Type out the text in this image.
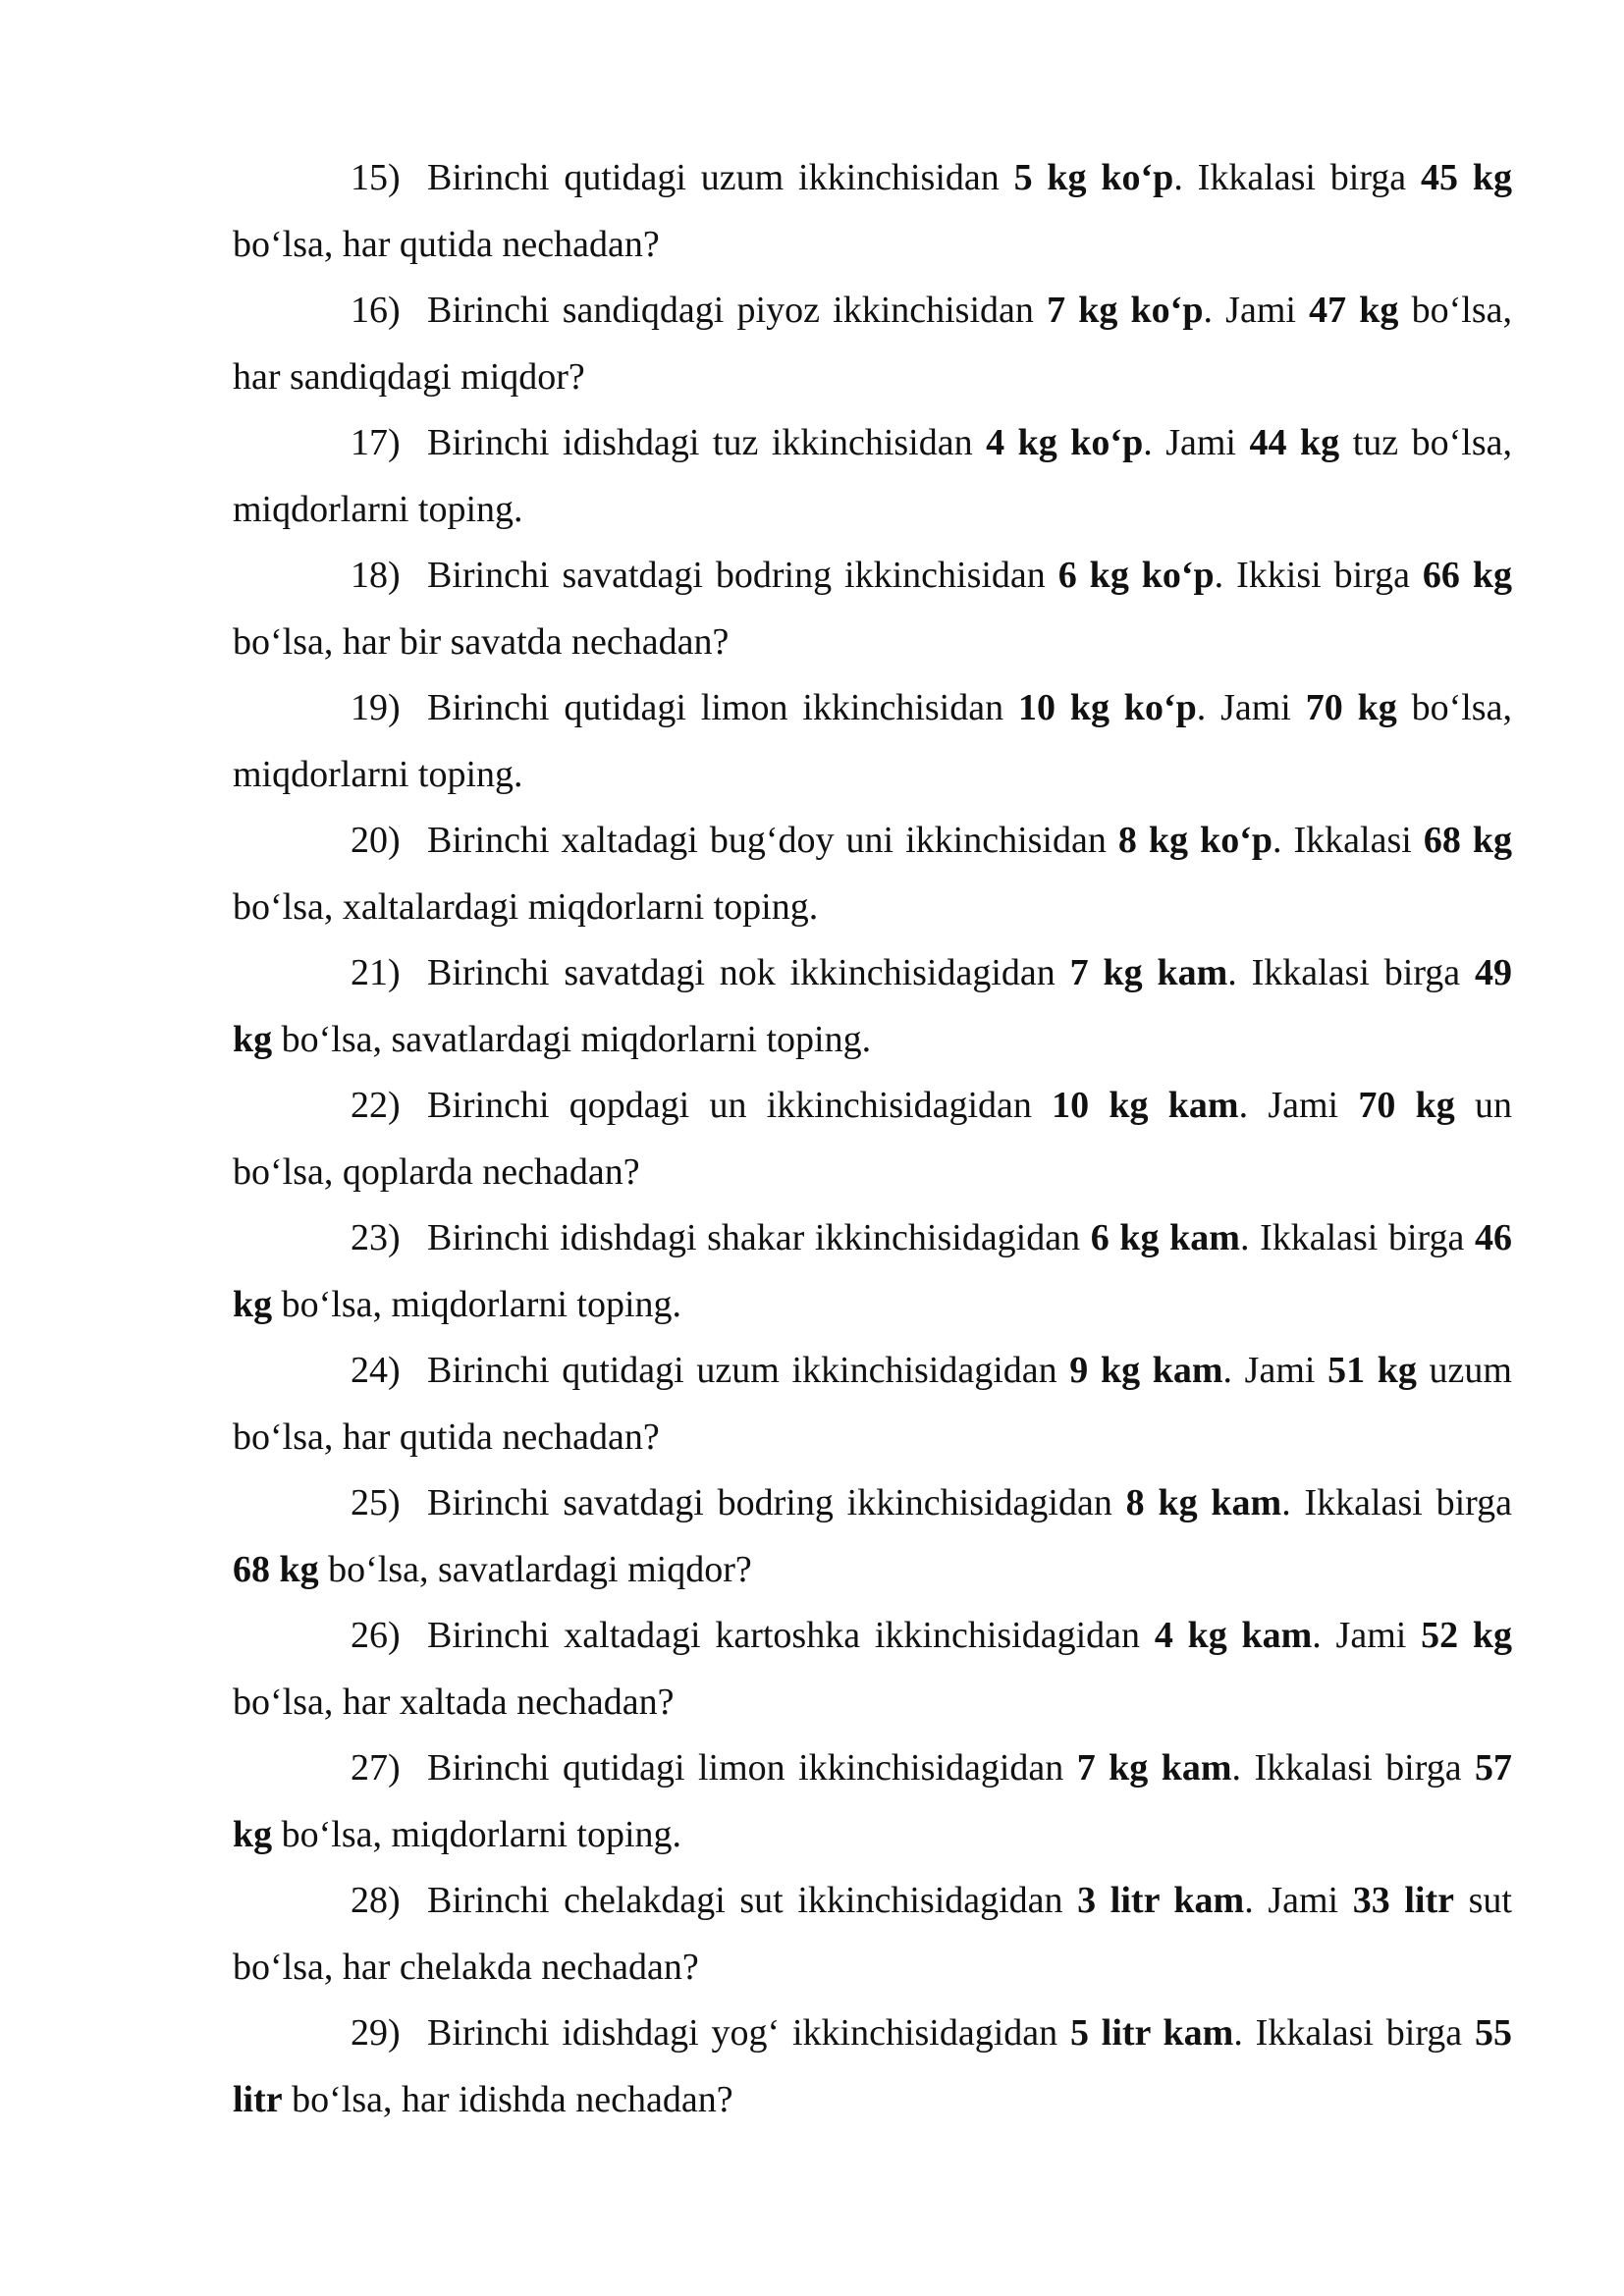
15) Birinchi qutidagi uzum ikkinchisidan 5 kg ko‘p. Ikkalasi birga 45 kg bo‘lsa, har qutida nechadan?

16) Birinchi sandiqdagi piyoz ikkinchisidan 7 kg ko‘p. Jami 47 kg bo‘lsa, har sandiqdagi miqdor?

17) Birinchi idishdagi tuz ikkinchisidan 4 kg ko‘p. Jami 44 kg tuz bo‘lsa, miqdorlarni toping.

18) Birinchi savatdagi bodring ikkinchisidan 6 kg ko‘p. Ikkisi birga 66 kg bo‘lsa, har bir savatda nechadan?

19) Birinchi qutidagi limon ikkinchisidan 10 kg ko‘p. Jami 70 kg bo‘lsa, miqdorlarni toping.

20) Birinchi xaltadagi bug‘doy uni ikkinchisidan 8 kg ko‘p. Ikkalasi 68 kg bo‘lsa, xaltalardagi miqdorlarni toping.

21) Birinchi savatdagi nok ikkinchisidagidan 7 kg kam. Ikkalasi birga 49 kg bo‘lsa, savatlardagi miqdorlarni toping.

22) Birinchi qopdagi un ikkinchisidagidan 10 kg kam. Jami 70 kg un bo‘lsa, qoplarda nechadan?

23) Birinchi idishdagi shakar ikkinchisidagidan 6 kg kam. Ikkalasi birga 46 kg bo‘lsa, miqdorlarni toping.

24) Birinchi qutidagi uzum ikkinchisidagidan 9 kg kam. Jami 51 kg uzum bo‘lsa, har qutida nechadan?

25) Birinchi savatdagi bodring ikkinchisidagidan 8 kg kam. Ikkalasi birga 68 kg bo‘lsa, savatlardagi miqdor?

26) Birinchi xaltadagi kartoshka ikkinchisidagidan 4 kg kam. Jami 52 kg bo‘lsa, har xaltada nechadan?

27) Birinchi qutidagi limon ikkinchisidagidan 7 kg kam. Ikkalasi birga 57 kg bo‘lsa, miqdorlarni toping.

28) Birinchi chelakdagi sut ikkinchisidagidan 3 litr kam. Jami 33 litr sut bo‘lsa, har chelakda nechadan?

29) Birinchi idishdagi yog‘ ikkinchisidagidan 5 litr kam. Ikkalasi birga 55 litr bo‘lsa, har idishda nechadan?
